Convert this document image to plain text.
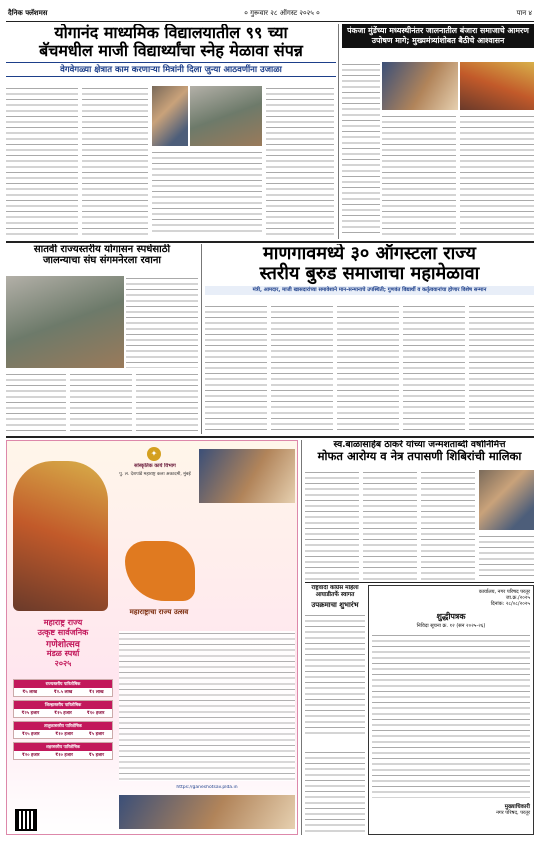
दैनिक फ्लॅशमस	० गुरूवार २८ ऑगस्ट २०२५ ०	पान ४
योगानंद माध्यमिक विद्यालयातील ९९ च्या
बॅचमधील माजी विद्यार्थ्यांचा स्नेह मेळावा संपन्न
वेगवेगळ्या क्षेत्रात काम करणाऱ्या मित्रांनी दिला जुन्या आठवणींना उजाळा
पंकजा मुंडेंच्या मध्यस्थीनंतर जालनातील बंजारा समाजाचे आमरण उपोषण मागे; मुख्यमंत्र्यांशोबत बैठीचे आश्वासन
सातवी राज्यस्तरीय योगासन स्पर्धेसाठी
जालन्याचा संघ संगमनेरला रवाना	माणगावमध्ये ३० ऑगस्टला राज्य
स्तरीय बुरुड समाजाचा महामेळावा
मंत्री, आमदार, माजी खासदारांच्या समावेशाने मान-सन्मानाचे उपस्थिती; गुणवंत विद्यार्थी व कर्तृत्ववानांचा होणार विशेष सन्मान
✦
सांस्कृतिक कार्य विभाग
पु. ल. देशपांडे महाराष्ट्र कला अकादमी, मुंबई
महाराष्ट्र राज्य
उत्कृष्ट सार्वजनिक
गणेशोत्सव
मंडळ स्पर्धा
२०२५
महाराष्ट्राचा राज्य उत्सव
राज्यस्तरीय पारितोषिक
₹५ लाख	₹२.५ लाख	₹१ लाख
जिल्हास्तरीय पारितोषिक
₹२५ हजार	₹१५ हजार	₹१० हजार
तालुकास्तरीय पारितोषिक
₹१५ हजार	₹१० हजार	₹५ हजार
शहरस्तरीय पारितोषिक
₹२० हजार	₹१० हजार	₹५ हजार
https://ganeshotsav.plda.in
स्व.बाळासाहेब ठाकरे यांच्या जन्मशताब्दी वर्षानिमित्त
मोफत आरोग्य व नेत्र तपासणी शिबिरांची मालिका
राष्ट्रवादी कॉंग्रेस महिला आघाडीतर्फे स्वागत
उपक्रमाचा शुभारंभ
कार्यालय, नगर परिषद परतूर
जा.क्र./२०२५
दिनांक: २८/०८/२०२५
शुद्धीपत्रक
निविदा सूचना क्र. १२ (सन २०२५-२६)
मुख्याधिकारी
नगर परिषद, परतूर
